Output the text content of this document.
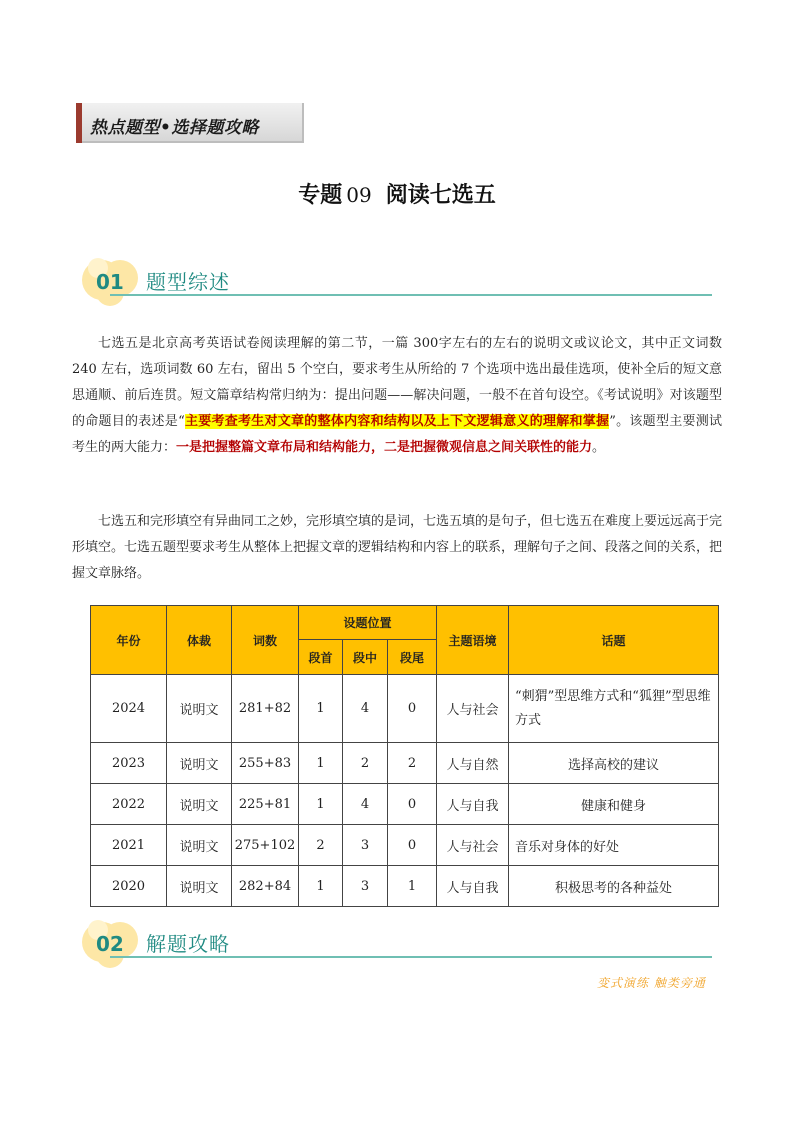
热点题型•选择题攻略
专题 09 阅读七选五
01 题型综述
七选五是北京高考英语试卷阅读理解的第二节，一篇 300字左右的左右的说明文或议论文，其中正文词数 240 左右，选项词数 60 左右，留出 5 个空白，要求考生从所给的 7 个选项中选出最佳选项，使补全后的短文意思通顺、前后连贯。短文篇章结构常归纳为：提出问题——解决问题，一般不在首句设空。《考试说明》对该题型的命题目的表述是“主要考查考生对文章的整体内容和结构以及上下文逻辑意义的理解和掌握”。该题型主要测试考生的两大能力：一是把握整篇文章布局和结构能力，二是把握微观信息之间关联性的能力。
七选五和完形填空有异曲同工之妙，完形填空填的是词，七选五填的是句子，但七选五在难度上要远远高于完形填空。七选五题型要求考生从整体上把握文章的逻辑结构和内容上的联系，理解句子之间、段落之间的关系，把握文章脉络。
年份	体裁	词数	设题位置			主题语境	话题
			段首	段中	段尾		
2024	说明文	281+82	1	4	0	人与社会	“刺猬”型思维方式和“狐狸”型思维方式
2023	说明文	255+83	1	2	2	人与自然	选择高校的建议
2022	说明文	225+81	1	4	0	人与自我	健康和健身
2021	说明文	275+102	2	3	0	人与社会	音乐对身体的好处
2020	说明文	282+84	1	3	1	人与自我	积极思考的各种益处
02 解题攻略
变式演练 触类旁通
